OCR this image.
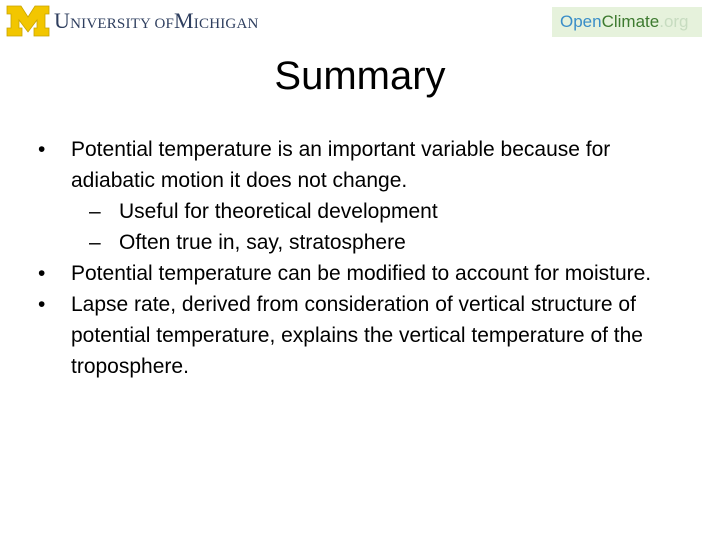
U NIVERSITY OF M ICHIGAN	Open Climate .org
Summary
•	Potential temperature is an important variable because for adiabatic motion it does not change.
– Useful for theoretical development
– Often true in, say, stratosphere
•	Potential temperature can be modified to account for moisture.
•	Lapse rate, derived from consideration of vertical structure of potential temperature, explains the vertical temperature of the troposphere.
